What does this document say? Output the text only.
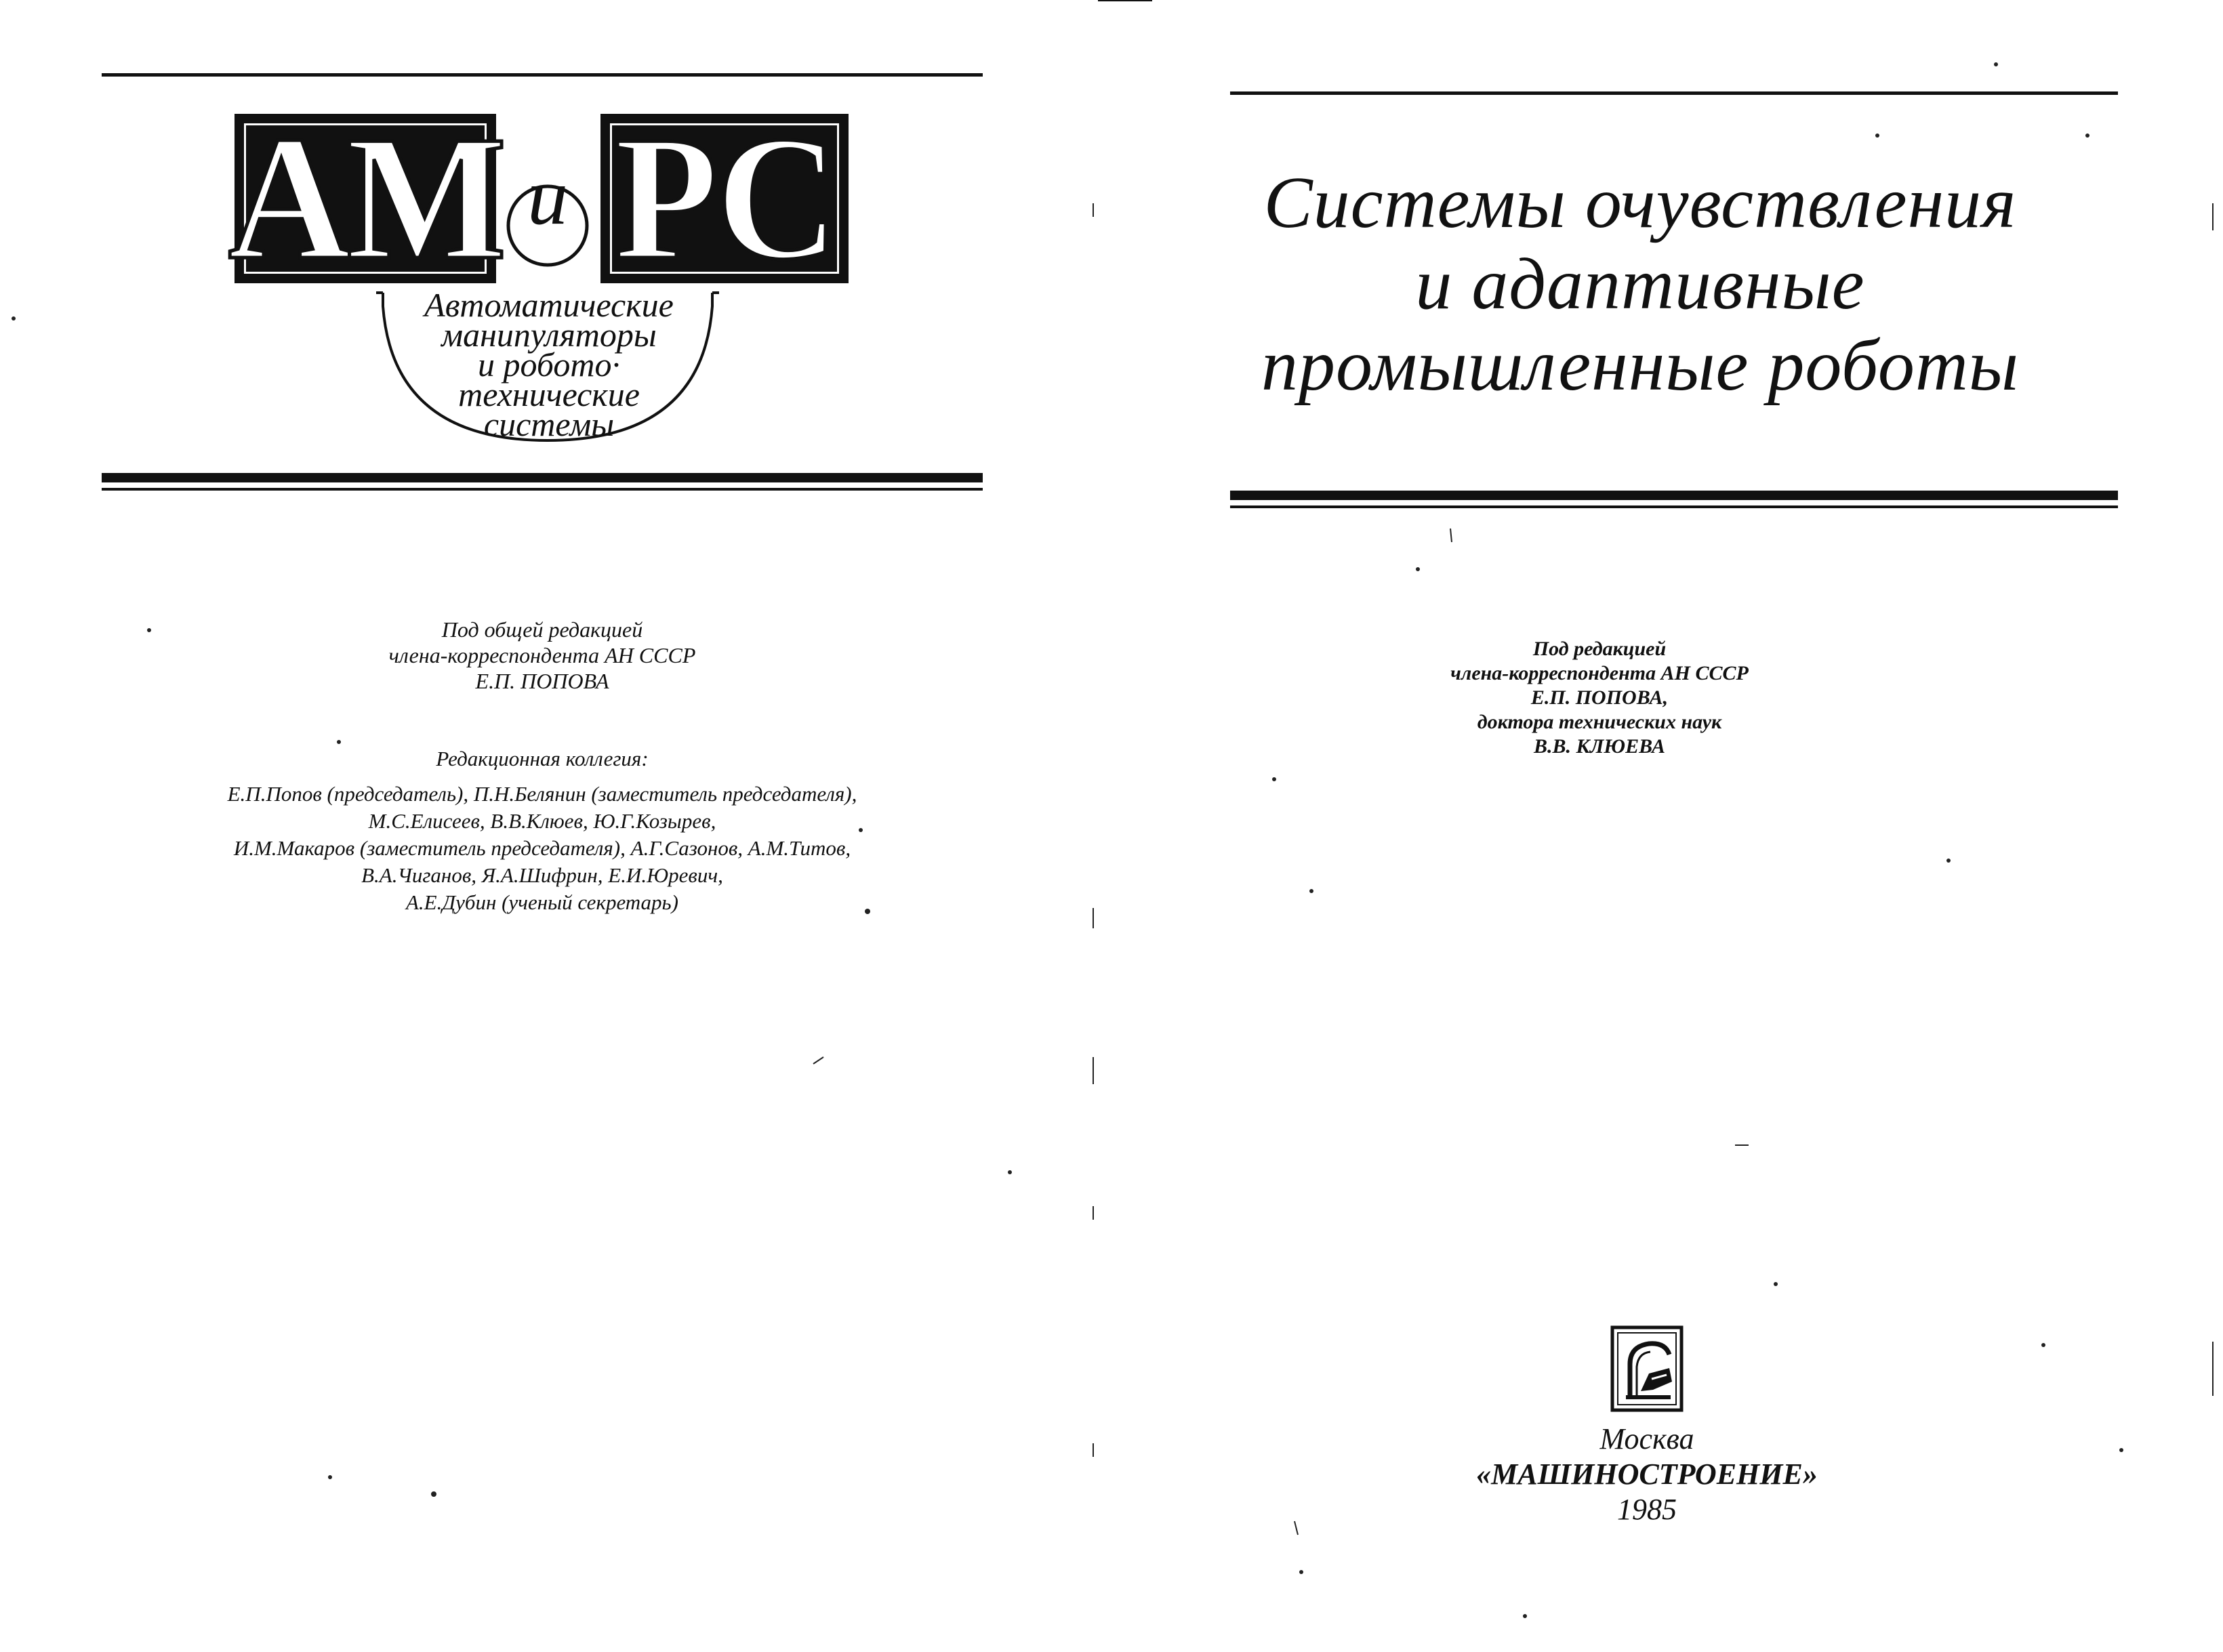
АМ РС
и
Автоматические
манипуляторы
и робото·
технические
системы
Под общей редакцией
члена-корреспондента АН СССР
Е.П. ПОПОВА
Редакционная коллегия:
Е.П.Попов (председатель), П.Н.Белянин (заместитель председателя),
М.С.Елисеев, В.В.Клюев, Ю.Г.Козырев,
И.М.Макаров (заместитель председателя), А.Г.Сазонов, А.М.Титов,
В.А.Чиганов, Я.А.Шифрин, Е.И.Юревич,
А.Е.Дубин (ученый секретарь)
Системы очувствления
и адаптивные
промышленные роботы
Под редакцией
члена-корреспондента АН СССР
Е.П. ПОПОВА,
доктора технических наук
В.В. КЛЮЕВА
Москва
«МАШИНОСТРОЕНИЕ»
1985
